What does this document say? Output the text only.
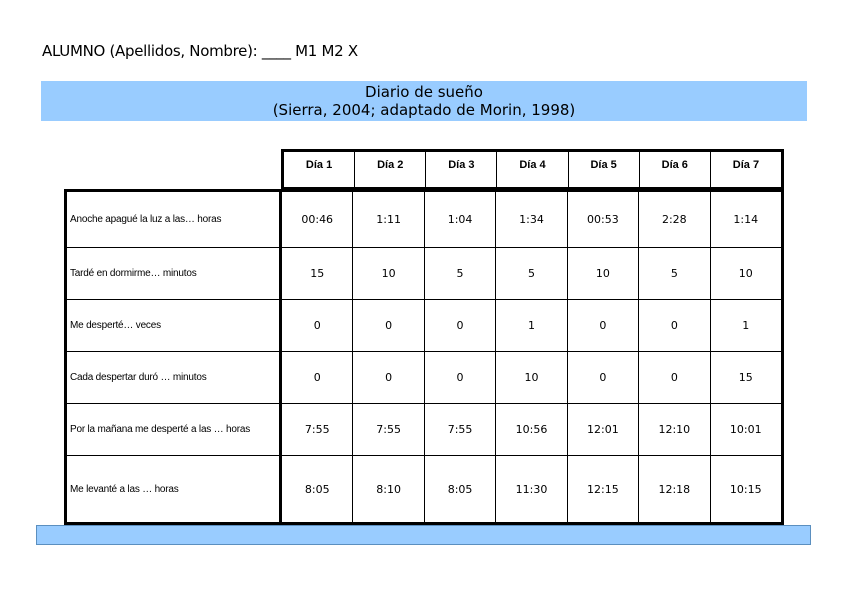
ALUMNO (Apellidos, Nombre): ____ M1 M2 X
Diario de sueño
(Sierra, 2004; adaptado de Morin, 1998)
Día 1	Día 2	Día 3	Día 4	Día 5	Día 6	Día 7
Anoche apagué la luz a las… horas	00:46	1:11	1:04	1:34	00:53	2:28	1:14
Tardé en dormirme… minutos	15	10	5	5	10	5	10
Me desperté… veces	0	0	0	1	0	0	1
Cada despertar duró … minutos	0	0	0	10	0	0	15
Por la mañana me desperté a las … horas	7:55	7:55	7:55	10:56	12:01	12:10	10:01
Me levanté a las … horas	8:05	8:10	8:05	11:30	12:15	12:18	10:15
